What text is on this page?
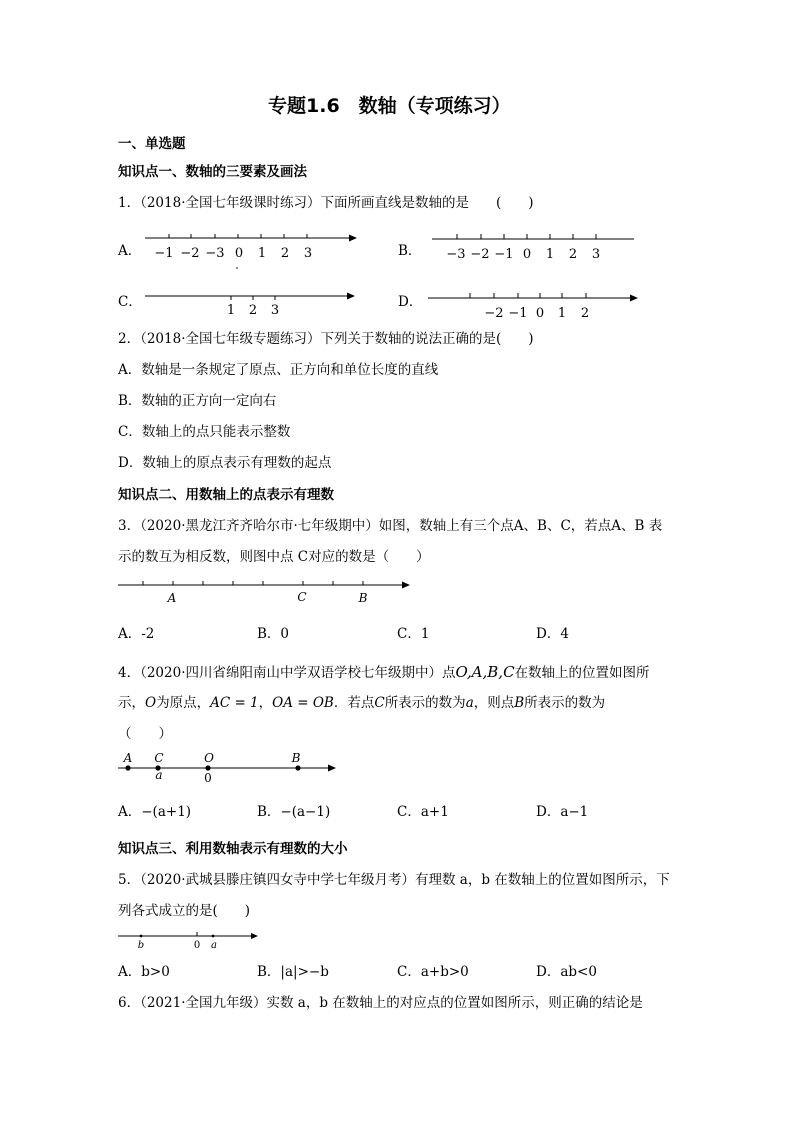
专题1.6　数轴（专项练习）
一、单选题
知识点一、数轴的三要素及画法
1．（2018·全国七年级课时练习）下面所画直线是数轴的是　　(　　)
A． −1 −2 −3 0 1 2 3	B． −3 −2 −1 0 1 2 3
C．
1 2 3
D．
−2 −1 0 1 2
2．（2018·全国七年级专题练习）下列关于数轴的说法正确的是(　　)
A．数轴是一条规定了原点、正方向和单位长度的直线
B．数轴的正方向一定向右
C．数轴上的点只能表示整数
D．数轴上的原点表示有理数的起点
知识点二、用数轴上的点表示有理数
3．（2020·黑龙江齐齐哈尔市·七年级期中）如图，数轴上有三个点A、B、C，若点A、B 表
示的数互为相反数，则图中点 C对应的数是（　　）
A	C	B
A．-2	B．0	C．1	D．4
4．（2020·四川省绵阳南山中学双语学校七年级期中）点O,A,B,C在数轴上的位置如图所
示，O为原点，AC = 1，OA = OB．若点C所表示的数为a，则点B所表示的数为
（　　）
A C	O	B
a	0
A．−(a+1)	B．−(a−1)	C．a+1	D．a−1
知识点三、利用数轴表示有理数的大小
5．（2020·武城县滕庄镇四女寺中学七年级月考）有理数 a，b 在数轴上的位置如图所示，下
列各式成立的是(　　)
b	0 a
A．b>0	B．|a|>−b	C．a+b>0	D．ab<0
6．（2021·全国九年级）实数 a，b 在数轴上的对应点的位置如图所示，则正确的结论是
